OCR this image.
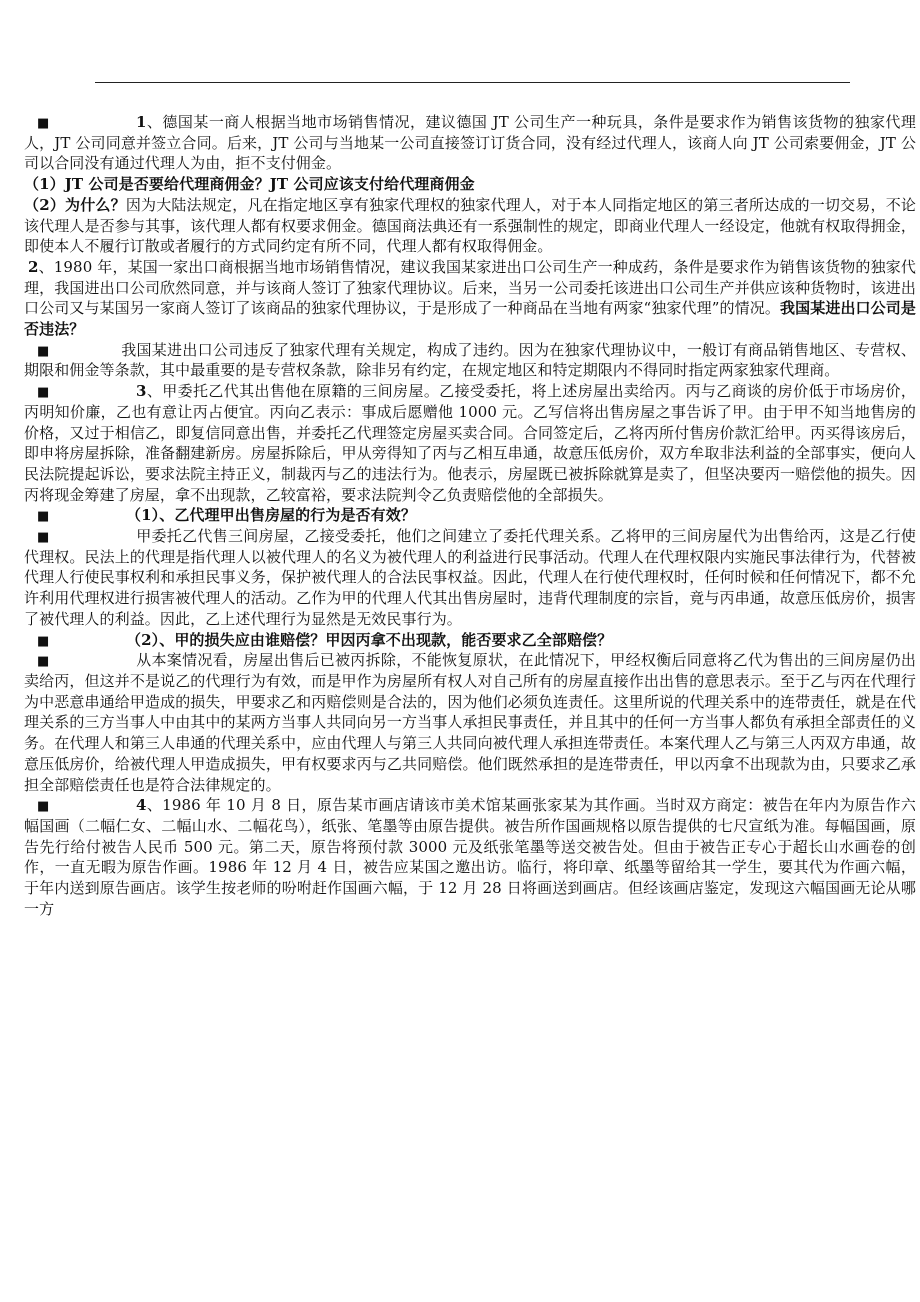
■	1、德国某一商人根据当地市场销售情况，建议德国 JT 公司生产一种玩具，条件是要求作为销售该货物的独家代理人，JT 公司同意并签立合同。后来，JT 公司与当地某一公司直接签订订货合同，没有经过代理人，该商人向 JT 公司索要佣金，JT 公司以合同没有通过代理人为由，拒不支付佣金。

（1）JT 公司是否要给代理商佣金？JT 公司应该支付给代理商佣金

（2）为什么？因为大陆法规定，凡在指定地区享有独家代理权的独家代理人，对于本人同指定地区的第三者所达成的一切交易，不论该代理人是否参与其事，该代理人都有权要求佣金。德国商法典还有一系强制性的规定，即商业代理人一经设定，他就有权取得拥金，即使本人不履行订散或者履行的方式同约定有所不同，代理人都有权取得佣金。

2、1980 年，某国一家出口商根据当地市场销售情况，建议我国某家进出口公司生产一种成药，条件是要求作为销售该货物的独家代理，我国进出口公司欣然同意，并与该商人签订了独家代理协议。后来，当另一公司委托该进出口公司生产并供应该种货物时，该进出口公司又与某国另一家商人签订了该商品的独家代理协议，于是形成了一种商品在当地有两家“独家代理”的情况。我国某进出口公司是否违法？

■	我国某进出口公司违反了独家代理有关规定，构成了违约。因为在独家代理协议中，一般订有商品销售地区、专营权、期限和佣金等条款，其中最重要的是专营权条款，除非另有约定，在规定地区和特定期限内不得同时指定两家独家代理商。

■	3、甲委托乙代其出售他在原籍的三间房屋。乙接受委托，将上述房屋出卖给丙。丙与乙商谈的房价低于市场房价，丙明知价廉，乙也有意让丙占便宜。丙向乙表示：事成后愿赠他 1000 元。乙写信将出售房屋之事告诉了甲。由于甲不知当地售房的价格，又过于相信乙，即复信同意出售，并委托乙代理签定房屋买卖合同。合同签定后，乙将丙所付售房价款汇给甲。丙买得该房后，即申将房屋拆除，准备翻建新房。房屋拆除后，甲从旁得知了丙与乙相互串通，故意压低房价，双方牟取非法利益的全部事实，便向人民法院提起诉讼，要求法院主持正义，制裁丙与乙的违法行为。他表示，房屋既已被拆除就算是卖了，但坚决要丙一赔偿他的损失。因丙将现金筹建了房屋，拿不出现款，乙较富裕，要求法院判令乙负责赔偿他的全部损失。

■	（1）、乙代理甲出售房屋的行为是否有效？

■	甲委托乙代售三间房屋，乙接受委托，他们之间建立了委托代理关系。乙将甲的三间房屋代为出售给丙，这是乙行使代理权。民法上的代理是指代理人以被代理人的名义为被代理人的利益进行民事活动。代理人在代理权限内实施民事法律行为，代替被代理人行使民事权利和承担民事义务，保护被代理人的合法民事权益。因此，代理人在行使代理权时，任何时候和任何情况下，都不允许利用代理权进行损害被代理人的活动。乙作为甲的代理人代其出售房屋时，违背代理制度的宗旨，竟与丙串通，故意压低房价，损害了被代理人的利益。因此，乙上述代理行为显然是无效民事行为。

■	（2）、甲的损失应由谁赔偿？甲因丙拿不出现款，能否要求乙全部赔偿？

■	从本案情况看，房屋出售后已被丙拆除，不能恢复原状，在此情况下，甲经权衡后同意将乙代为售出的三间房屋仍出卖给丙，但这并不是说乙的代理行为有效，而是甲作为房屋所有权人对自己所有的房屋直接作出出售的意思表示。至于乙与丙在代理行为中恶意串通给甲造成的损失，甲要求乙和丙赔偿则是合法的，因为他们必须负连责任。这里所说的代理关系中的连带责任，就是在代理关系的三方当事人中由其中的某两方当事人共同向另一方当事人承担民事责任，并且其中的任何一方当事人都负有承担全部责任的义务。在代理人和第三人串通的代理关系中，应由代理人与第三人共同向被代理人承担连带责任。本案代理人乙与第三人丙双方串通，故意压低房价，给被代理人甲造成损失，甲有权要求丙与乙共同赔偿。他们既然承担的是连带责任，甲以丙拿不出现款为由，只要求乙承担全部赔偿责任也是符合法律规定的。

■	4、1986 年 10 月 8 日，原告某市画店请该市美术馆某画张家某为其作画。当时双方商定：被告在年内为原告作六幅国画（二幅仁女、二幅山水、二幅花鸟），纸张、笔墨等由原告提供。被告所作国画规格以原告提供的七尺宣纸为准。每幅国画，原告先行给付被告人民币 500 元。第二天，原告将预付款 3000 元及纸张笔墨等送交被告处。但由于被告正专心于超长山水画卷的创作，一直无暇为原告作画。1986 年 12 月 4 日，被告应某国之邀出访。临行，将印章、纸墨等留给其一学生，要其代为作画六幅，于年内送到原告画店。该学生按老师的吩咐赶作国画六幅，于 12 月 28 日将画送到画店。但经该画店鉴定，发现这六幅国画无论从哪一方
